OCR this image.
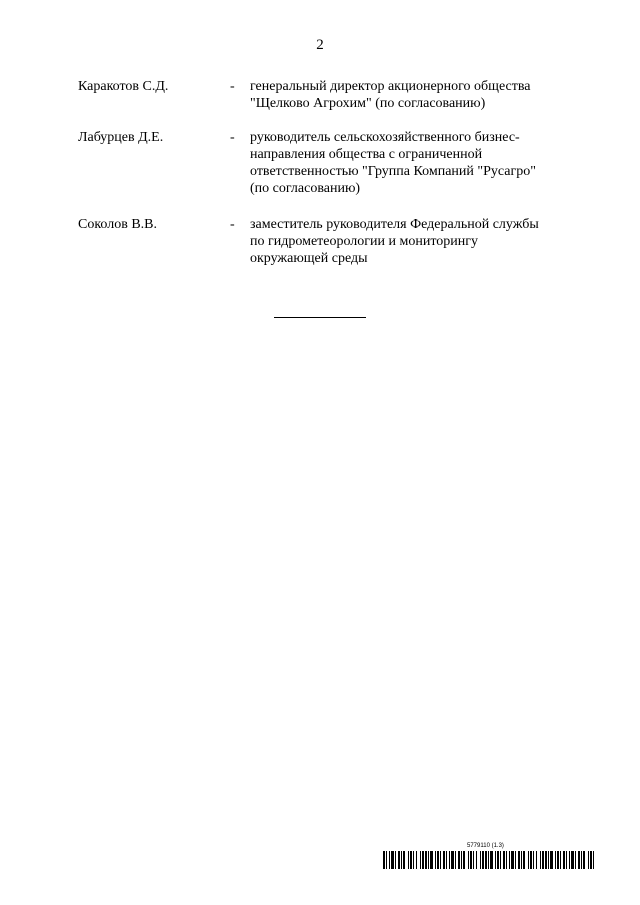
2
Каракотов С.Д.	- генеральный директор акционерного общества
"Щелково Агрохим" (по согласованию)
Лабурцев Д.Е.	- руководитель сельскохозяйственного бизнес-
направления общества с ограниченной
ответственностью "Группа Компаний "Русагро"
(по согласованию)
Соколов В.В.	- заместитель руководителя Федеральной службы
по гидрометеорологии и мониторингу
окружающей среды
5779110 (1.3)
